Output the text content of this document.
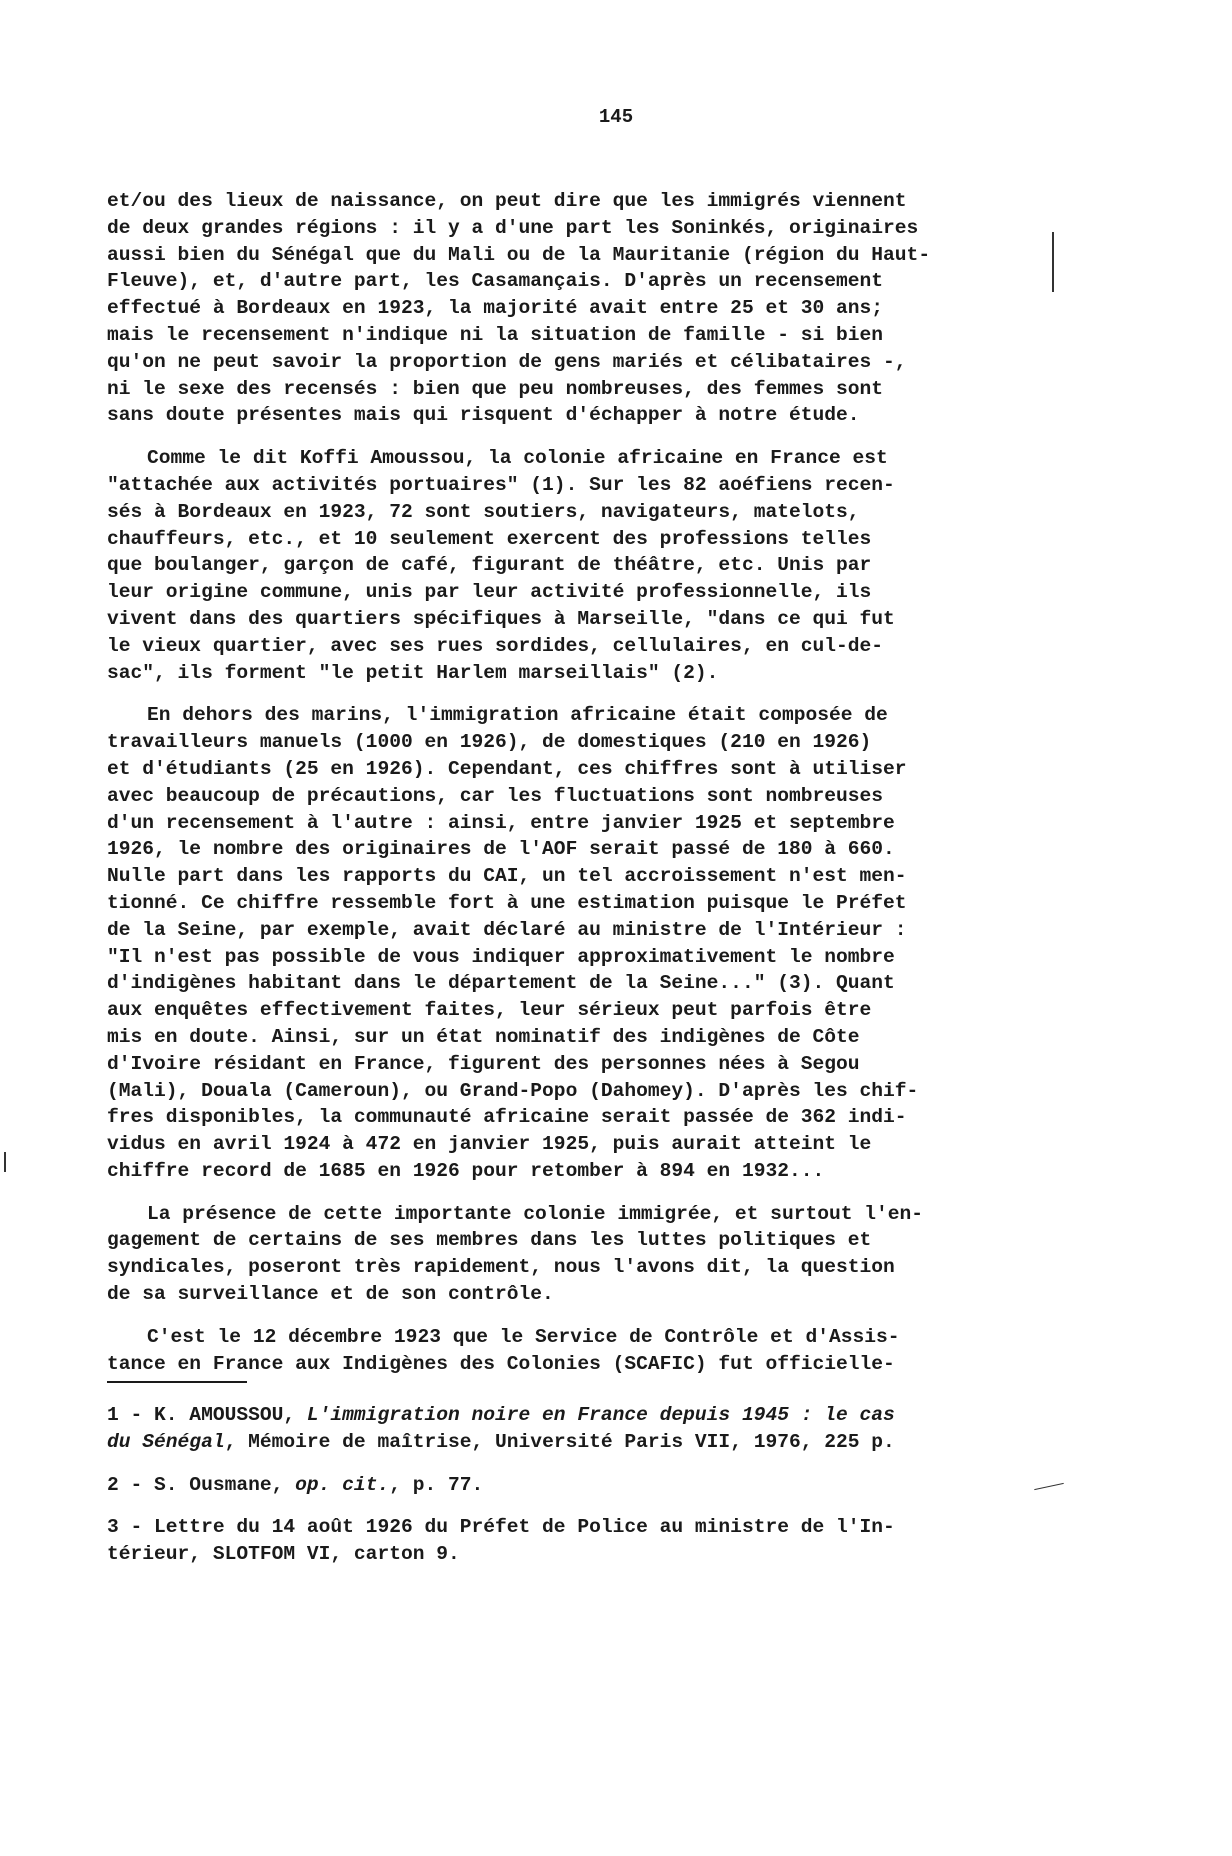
145
et/ou des lieux de naissance, on peut dire que les immigrés viennent
de deux grandes régions : il y a d'une part les Soninkés, originaires
aussi bien du Sénégal que du Mali ou de la Mauritanie (région du Haut-
Fleuve), et, d'autre part, les Casamançais. D'après un recensement
effectué à Bordeaux en 1923, la majorité avait entre 25 et 30 ans;
mais le recensement n'indique ni la situation de famille - si bien
qu'on ne peut savoir la proportion de gens mariés et célibataires -,
ni le sexe des recensés : bien que peu nombreuses, des femmes sont
sans doute présentes mais qui risquent d'échapper à notre étude.
Comme le dit Koffi Amoussou, la colonie africaine en France est
"attachée aux activités portuaires" (1). Sur les 82 aoéfiens recen-
sés à Bordeaux en 1923, 72 sont soutiers, navigateurs, matelots,
chauffeurs, etc., et 10 seulement exercent des professions telles
que boulanger, garçon de café, figurant de théâtre, etc. Unis par
leur origine commune, unis par leur activité professionnelle, ils
vivent dans des quartiers spécifiques à Marseille, "dans ce qui fut
le vieux quartier, avec ses rues sordides, cellulaires, en cul-de-
sac", ils forment "le petit Harlem marseillais" (2).
En dehors des marins, l'immigration africaine était composée de
travailleurs manuels (1000 en 1926), de domestiques (210 en 1926)
et d'étudiants (25 en 1926). Cependant, ces chiffres sont à utiliser
avec beaucoup de précautions, car les fluctuations sont nombreuses
d'un recensement à l'autre : ainsi, entre janvier 1925 et septembre
1926, le nombre des originaires de l'AOF serait passé de 180 à 660.
Nulle part dans les rapports du CAI, un tel accroissement n'est men-
tionné. Ce chiffre ressemble fort à une estimation puisque le Préfet
de la Seine, par exemple, avait déclaré au ministre de l'Intérieur :
"Il n'est pas possible de vous indiquer approximativement le nombre
d'indigènes habitant dans le département de la Seine..." (3). Quant
aux enquêtes effectivement faites, leur sérieux peut parfois être
mis en doute. Ainsi, sur un état nominatif des indigènes de Côte
d'Ivoire résidant en France, figurent des personnes nées à Segou
(Mali), Douala (Cameroun), ou Grand-Popo (Dahomey). D'après les chif-
fres disponibles, la communauté africaine serait passée de 362 indi-
vidus en avril 1924 à 472 en janvier 1925, puis aurait atteint le
chiffre record de 1685 en 1926 pour retomber à 894 en 1932...
La présence de cette importante colonie immigrée, et surtout l'en-
gagement de certains de ses membres dans les luttes politiques et
syndicales, poseront très rapidement, nous l'avons dit, la question
de sa surveillance et de son contrôle.
C'est le 12 décembre 1923 que le Service de Contrôle et d'Assis-
tance en France aux Indigènes des Colonies (SCAFIC) fut officielle-
1 - K. AMOUSSOU, L'immigration noire en France depuis 1945 : le cas
du Sénégal, Mémoire de maîtrise, Université Paris VII, 1976, 225 p.
2 - S. Ousmane, op. cit., p. 77.
3 - Lettre du 14 août 1926 du Préfet de Police au ministre de l'In-
térieur, SLOTFOM VI, carton 9.
